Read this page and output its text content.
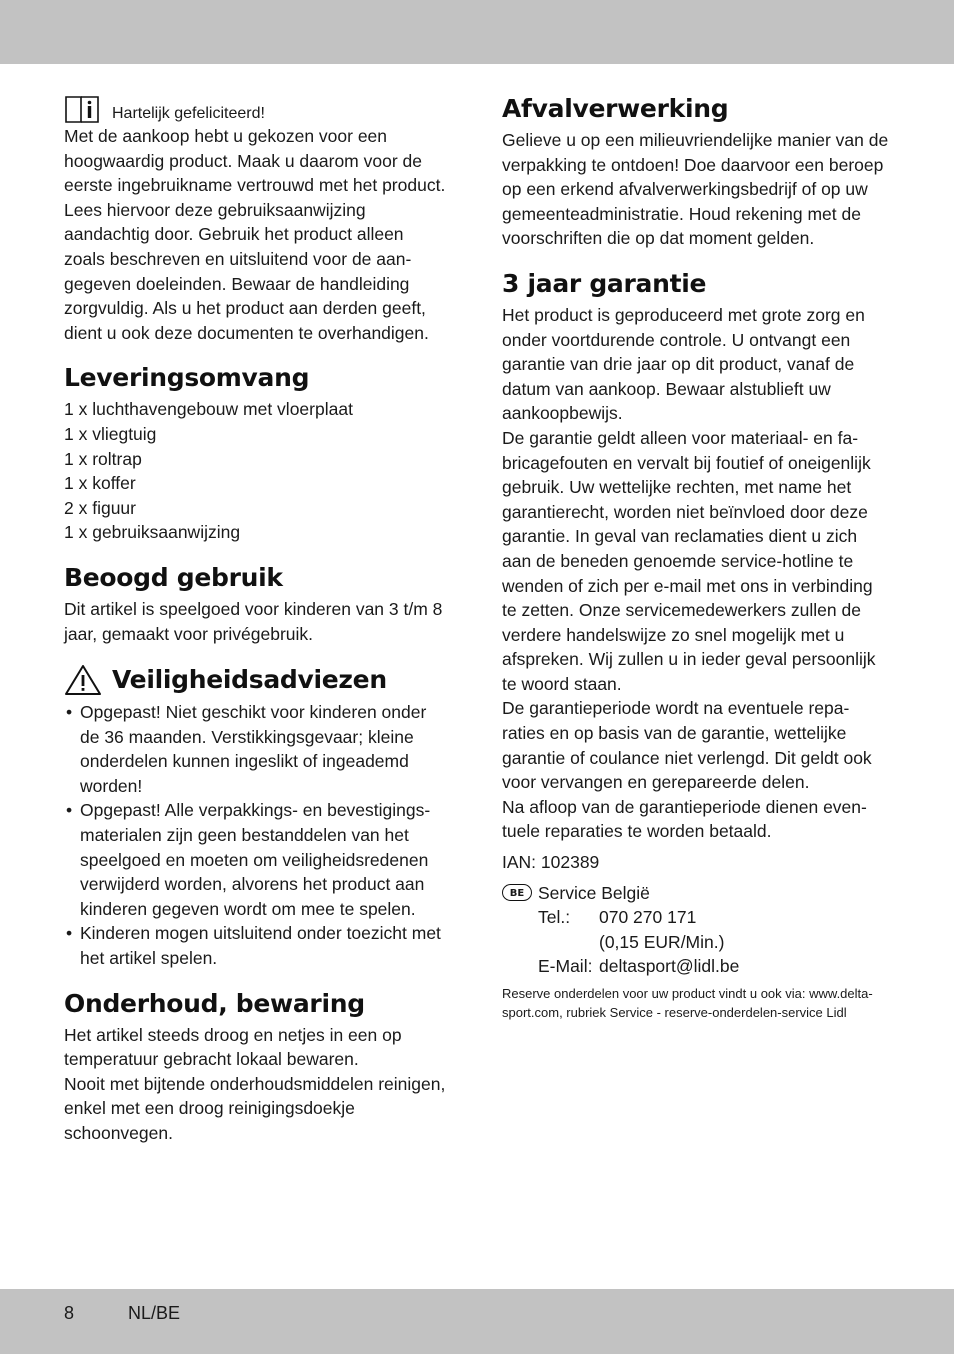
Hartelijk gefeliciteerd!

Met de aankoop hebt u gekozen voor een hoogwaardig product. Maak u daarom voor de eerste ingebruikname vertrouwd met het product. Lees hiervoor deze gebruiksaanwijzing aandachtig door. Gebruik het product alleen zoals beschreven en uitsluitend voor de aan-gegeven doeleinden. Bewaar de handleiding zorgvuldig. Als u het product aan derden geeft, dient u ook deze documenten te overhandigen.

Leveringsomvang
1 x luchthavengebouw met vloerplaat
1 x vliegtuig
1 x roltrap
1 x koffer
2 x figuur
1 x gebruiksaanwijzing
Beoogd gebruik

Dit artikel is speelgoed voor kinderen van 3 t/m 8 jaar, gemaakt voor privégebruik.

Veiligheidsadviezen
• Opgepast! Niet geschikt voor kinderen onder de 36 maanden. Verstikkingsgevaar; kleine onderdelen kunnen ingeslikt of ingeademd worden!
• Opgepast! Alle verpakkings- en bevestigings-materialen zijn geen bestanddelen van het speelgoed en moeten om veiligheidsredenen verwijderd worden, alvorens het product aan kinderen gegeven wordt om mee te spelen.
• Kinderen mogen uitsluitend onder toezicht met het artikel spelen.
Onderhoud, bewaring

Het artikel steeds droog en netjes in een op temperatuur gebracht lokaal bewaren.

Nooit met bijtende onderhoudsmiddelen reinigen, enkel met een droog reinigingsdoekje schoonvegen.

Afvalverwerking

Gelieve u op een milieuvriendelijke manier van de verpakking te ontdoen! Doe daarvoor een beroep op een erkend afvalverwerkingsbedrijf of op uw gemeenteadministratie. Houd rekening met de voorschriften die op dat moment gelden.

3 jaar garantie

Het product is geproduceerd met grote zorg en onder voortdurende controle. U ontvangt een garantie van drie jaar op dit product, vanaf de datum van aankoop. Bewaar alstublieft uw aankoopbewijs.

De garantie geldt alleen voor materiaal- en fa-bricagefouten en vervalt bij foutief of oneigenlijk gebruik. Uw wettelijke rechten, met name het garantierecht, worden niet beïnvloed door deze garantie. In geval van reclamaties dient u zich aan de beneden genoemde service-hotline te wenden of zich per e-mail met ons in verbinding te zetten. Onze servicemedewerkers zullen de verdere handelswijze zo snel mogelijk met u afspreken. Wij zullen u in ieder geval persoonlijk te woord staan.

De garantieperiode wordt na eventuele repa-raties en op basis van de garantie, wettelijke garantie of coulance niet verlengd. Dit geldt ook voor vervangen en gerepareerde delen.

Na afloop van de garantieperiode dienen even-tuele reparaties te worden betaald.

IAN: 102389

BE Service België
Tel.:	070 270 171
(0,15 EUR/Min.)
E-Mail: deltasport@lidl.be

Reserve onderdelen voor uw product vindt u ook via: www.delta-sport.com, rubriek Service - reserve-onderdelen-service Lidl

8	NL/BE
